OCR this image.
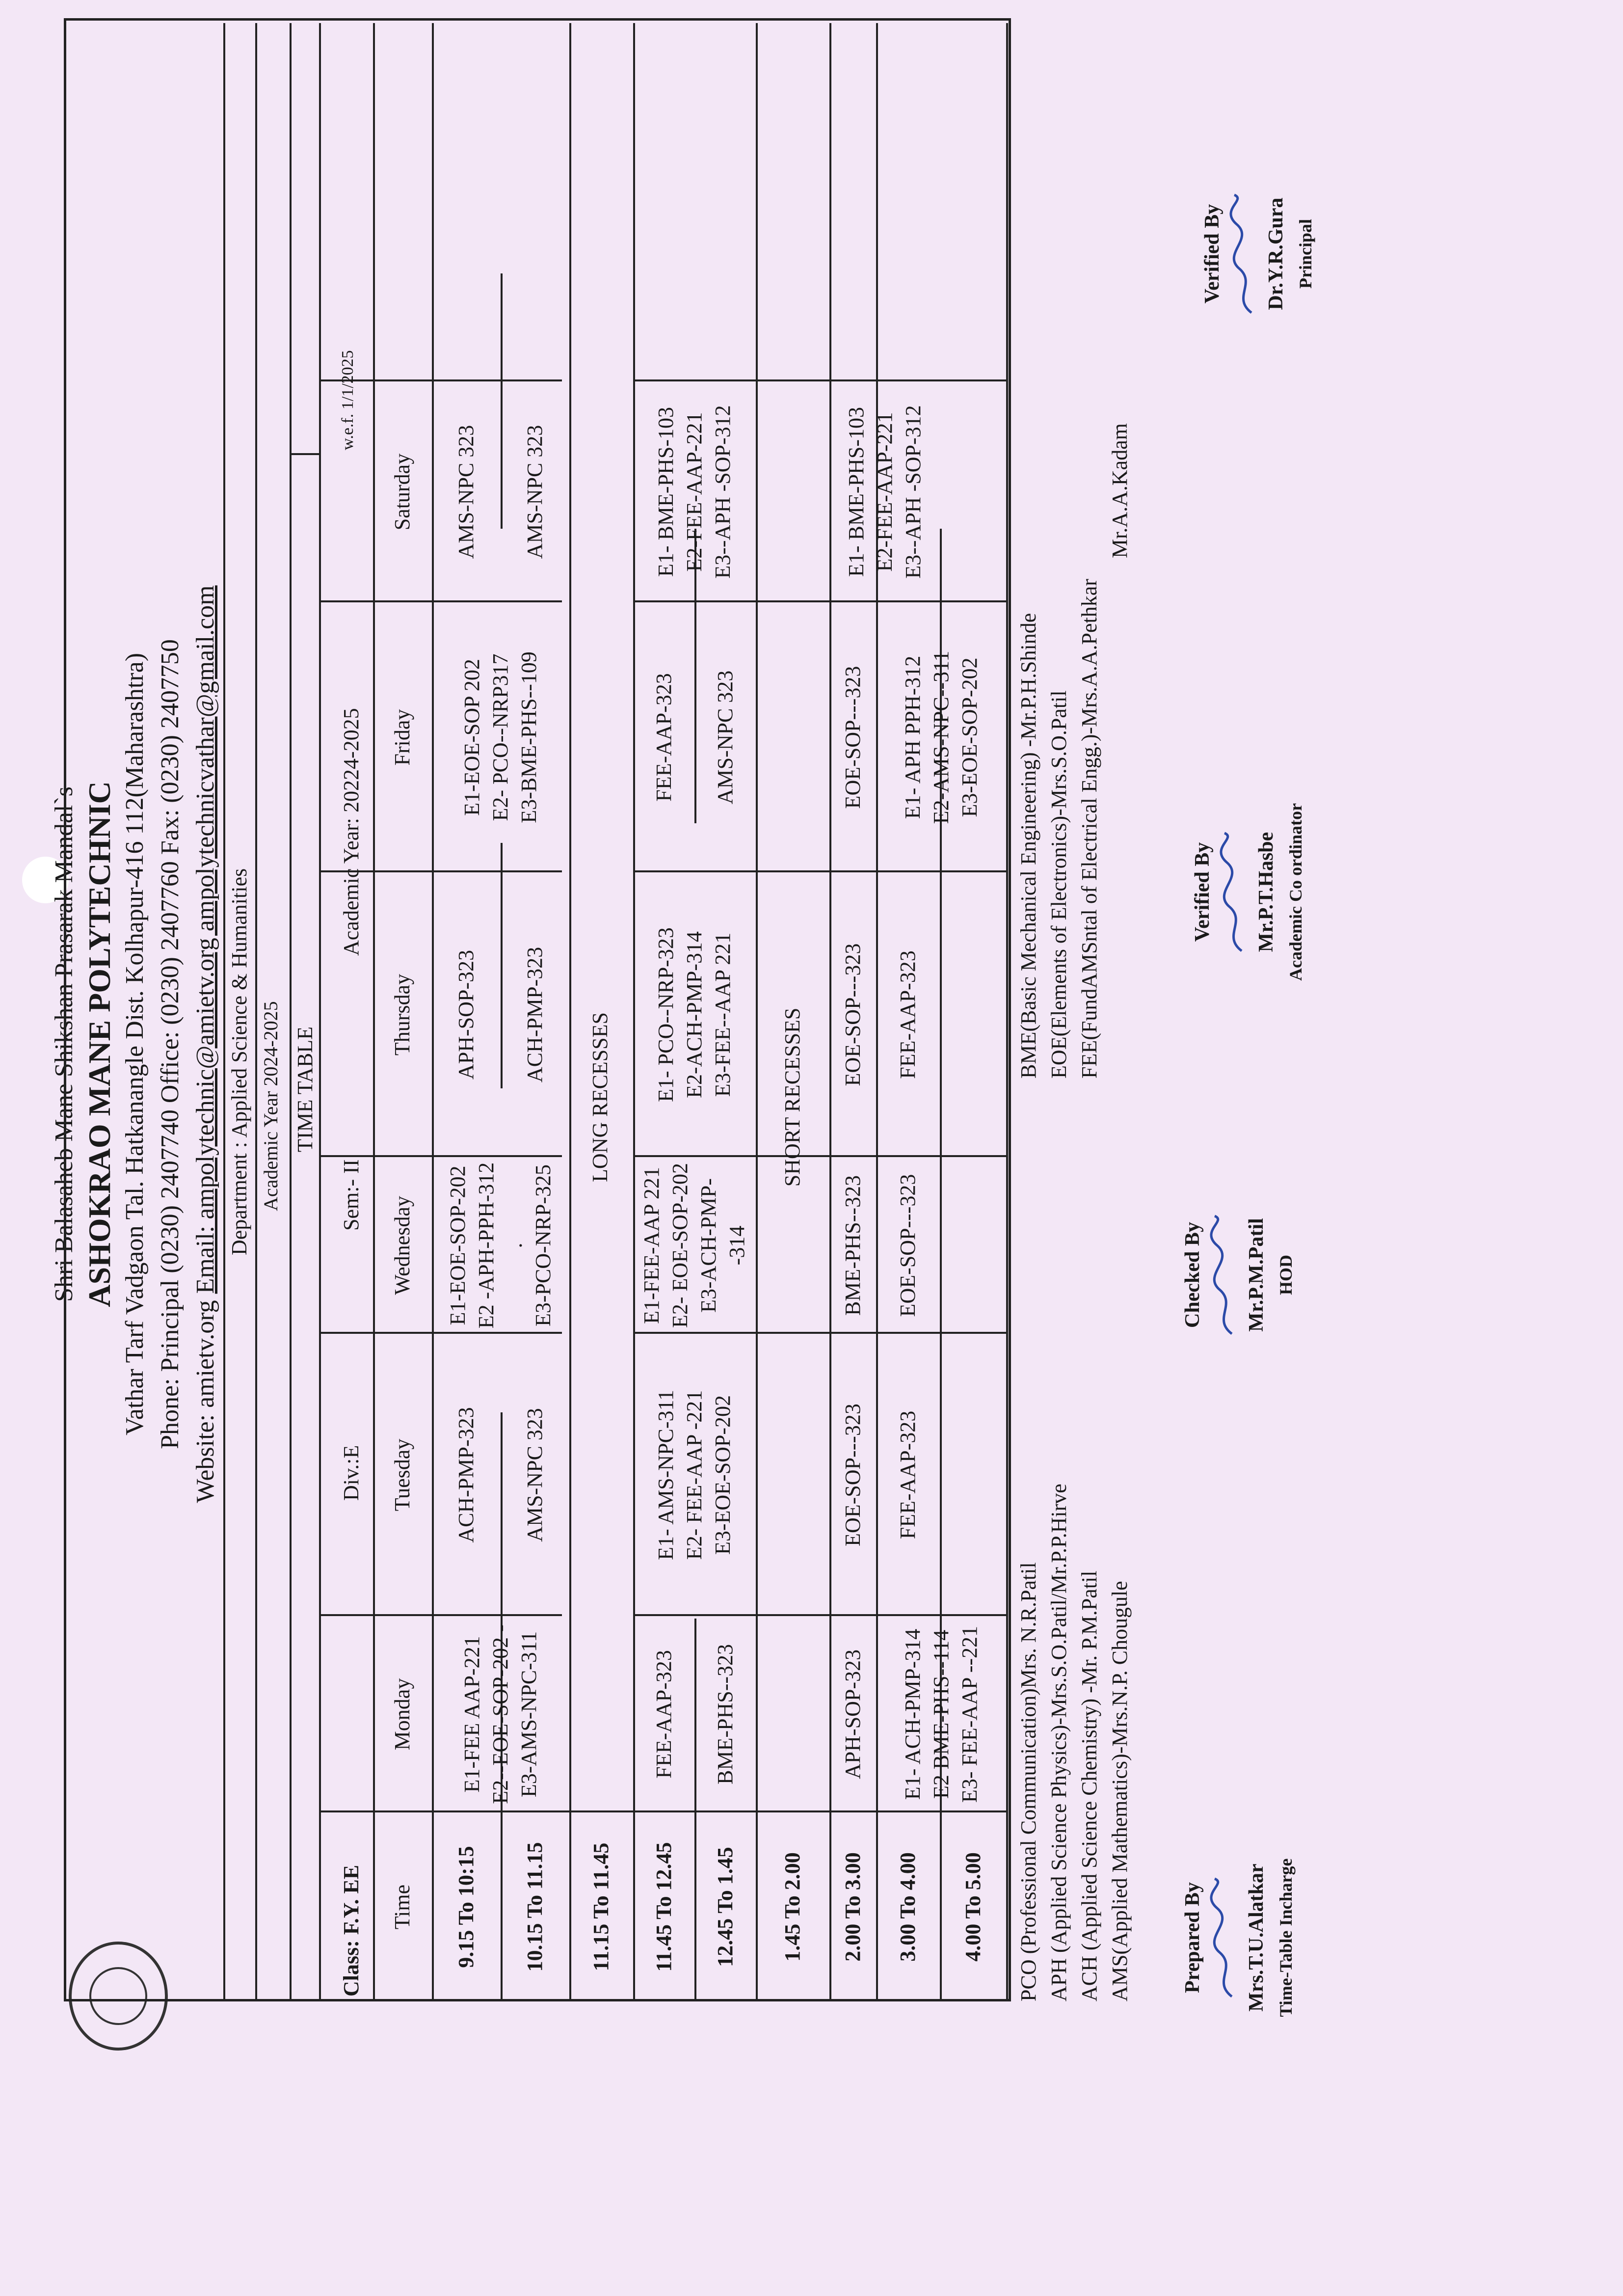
Shri Balasaheb Mane Shikshan Prasarak Mandal`s ASHOKRAO MANE POLYTECHNIC Vathar Tarf Vadgaon Tal. Hatkanangle Dist. Kolhapur-416 112(Maharashtra) Phone: Principal (0230) 2407740 Office: (0230) 2407760 Fax: (0230) 2407750 Website: amietv.org Email: ampolytechnic@amietv.org ampolytechnicvathar@gmail.com Department : Applied Science & Humanities Academic Year 2024-2025 TIME TABLE
Class: F.Y. EE
Div.:E
Sem:- II
Academic Year: 20224-2025
w.e.f. 1/1/2025
Time
Monday
Tuesday
Wednesday
Thursday
Friday
Saturday
9.15 To 10:15 10.15 To 11.15 11.15 To 11.45 11.45 To 12.45 12.45 To 1.45 1.45 To 2.00 2.00 To 3.00 3.00 To 4.00 4.00 To 5.00
E1-FEE AAP-221 E2--EOE-SOP-202 - E3-AMS-NPC-311
ACH-PMP-323 AMS-NPC 323
E1-EOE-SOP-202 E2 -APH-PPH-312 . E3-PCO-NRP-325
APH-SOP-323 ACH-PMP-323
E1-EOE-SOP 202 E2- PCO--NRP317 E3-BME-PHS--109
AMS-NPC 323 AMS-NPC 323
LONG RECESSES
FEE-AAP-323 BME-PHS--323
E1- AMS-NPC-311 E2- FEE-AAP -221 E3-EOE-SOP-202
E1-FEE-AAP 221 E2- EOE-SOP-202 E3-ACH-PMP--314
E1- PCO--NRP-323 E2-ACH-PMP-314 E3-FEE--AAP 221
FEE-AAP-323 AMS-NPC 323
E1- BME-PHS-103 E2-FEE-AAP-221 E3--APH -SOP-312
SHORT RECESSES
APH-SOP-323 E1- ACH-PMP-314 E2 BME-PHS--114 E3- FEE-AAP --221
EOE-SOP---323 FEE-AAP-323
BME-PHS--323 EOE-SOP---323
EOE-SOP---323 FEE-AAP-323
EOE-SOP---323 E1- APH PPH-312 E2-AMS-NPC--311 E3-EOE-SOP-202
E1- BME-PHS-103 E2-FEE-AAP-221 E3--APH -SOP-312
PCO (Professional Communication)Mrs. N.R.Patil APH (Applied Science Physics)-Mrs.S.O.Patil/Mr.P.P.Hirve ACH (Applied Science Chemistry) -Mr. P.M.Patil AMS(Applied Mathematics)-Mrs.N.P. Chougule
BME(Basic Mechanical Engineering) -Mr.P.H.Shinde EOE(Elements of Electronics)-Mrs.S.O.Patil FEE(FundAMSntal of Electrical Engg.)-Mrs.A.A.Pethkar
Mr.A.A.Kadam
Prepared By Mrs.T.U.Alatkar Time-Table Incharge
Checked By Mr.P.M.Patil HOD
Verified By Mr.P.T.Hasbe Academic Co ordinator
Verified By Dr.Y.R.Gura Principal
